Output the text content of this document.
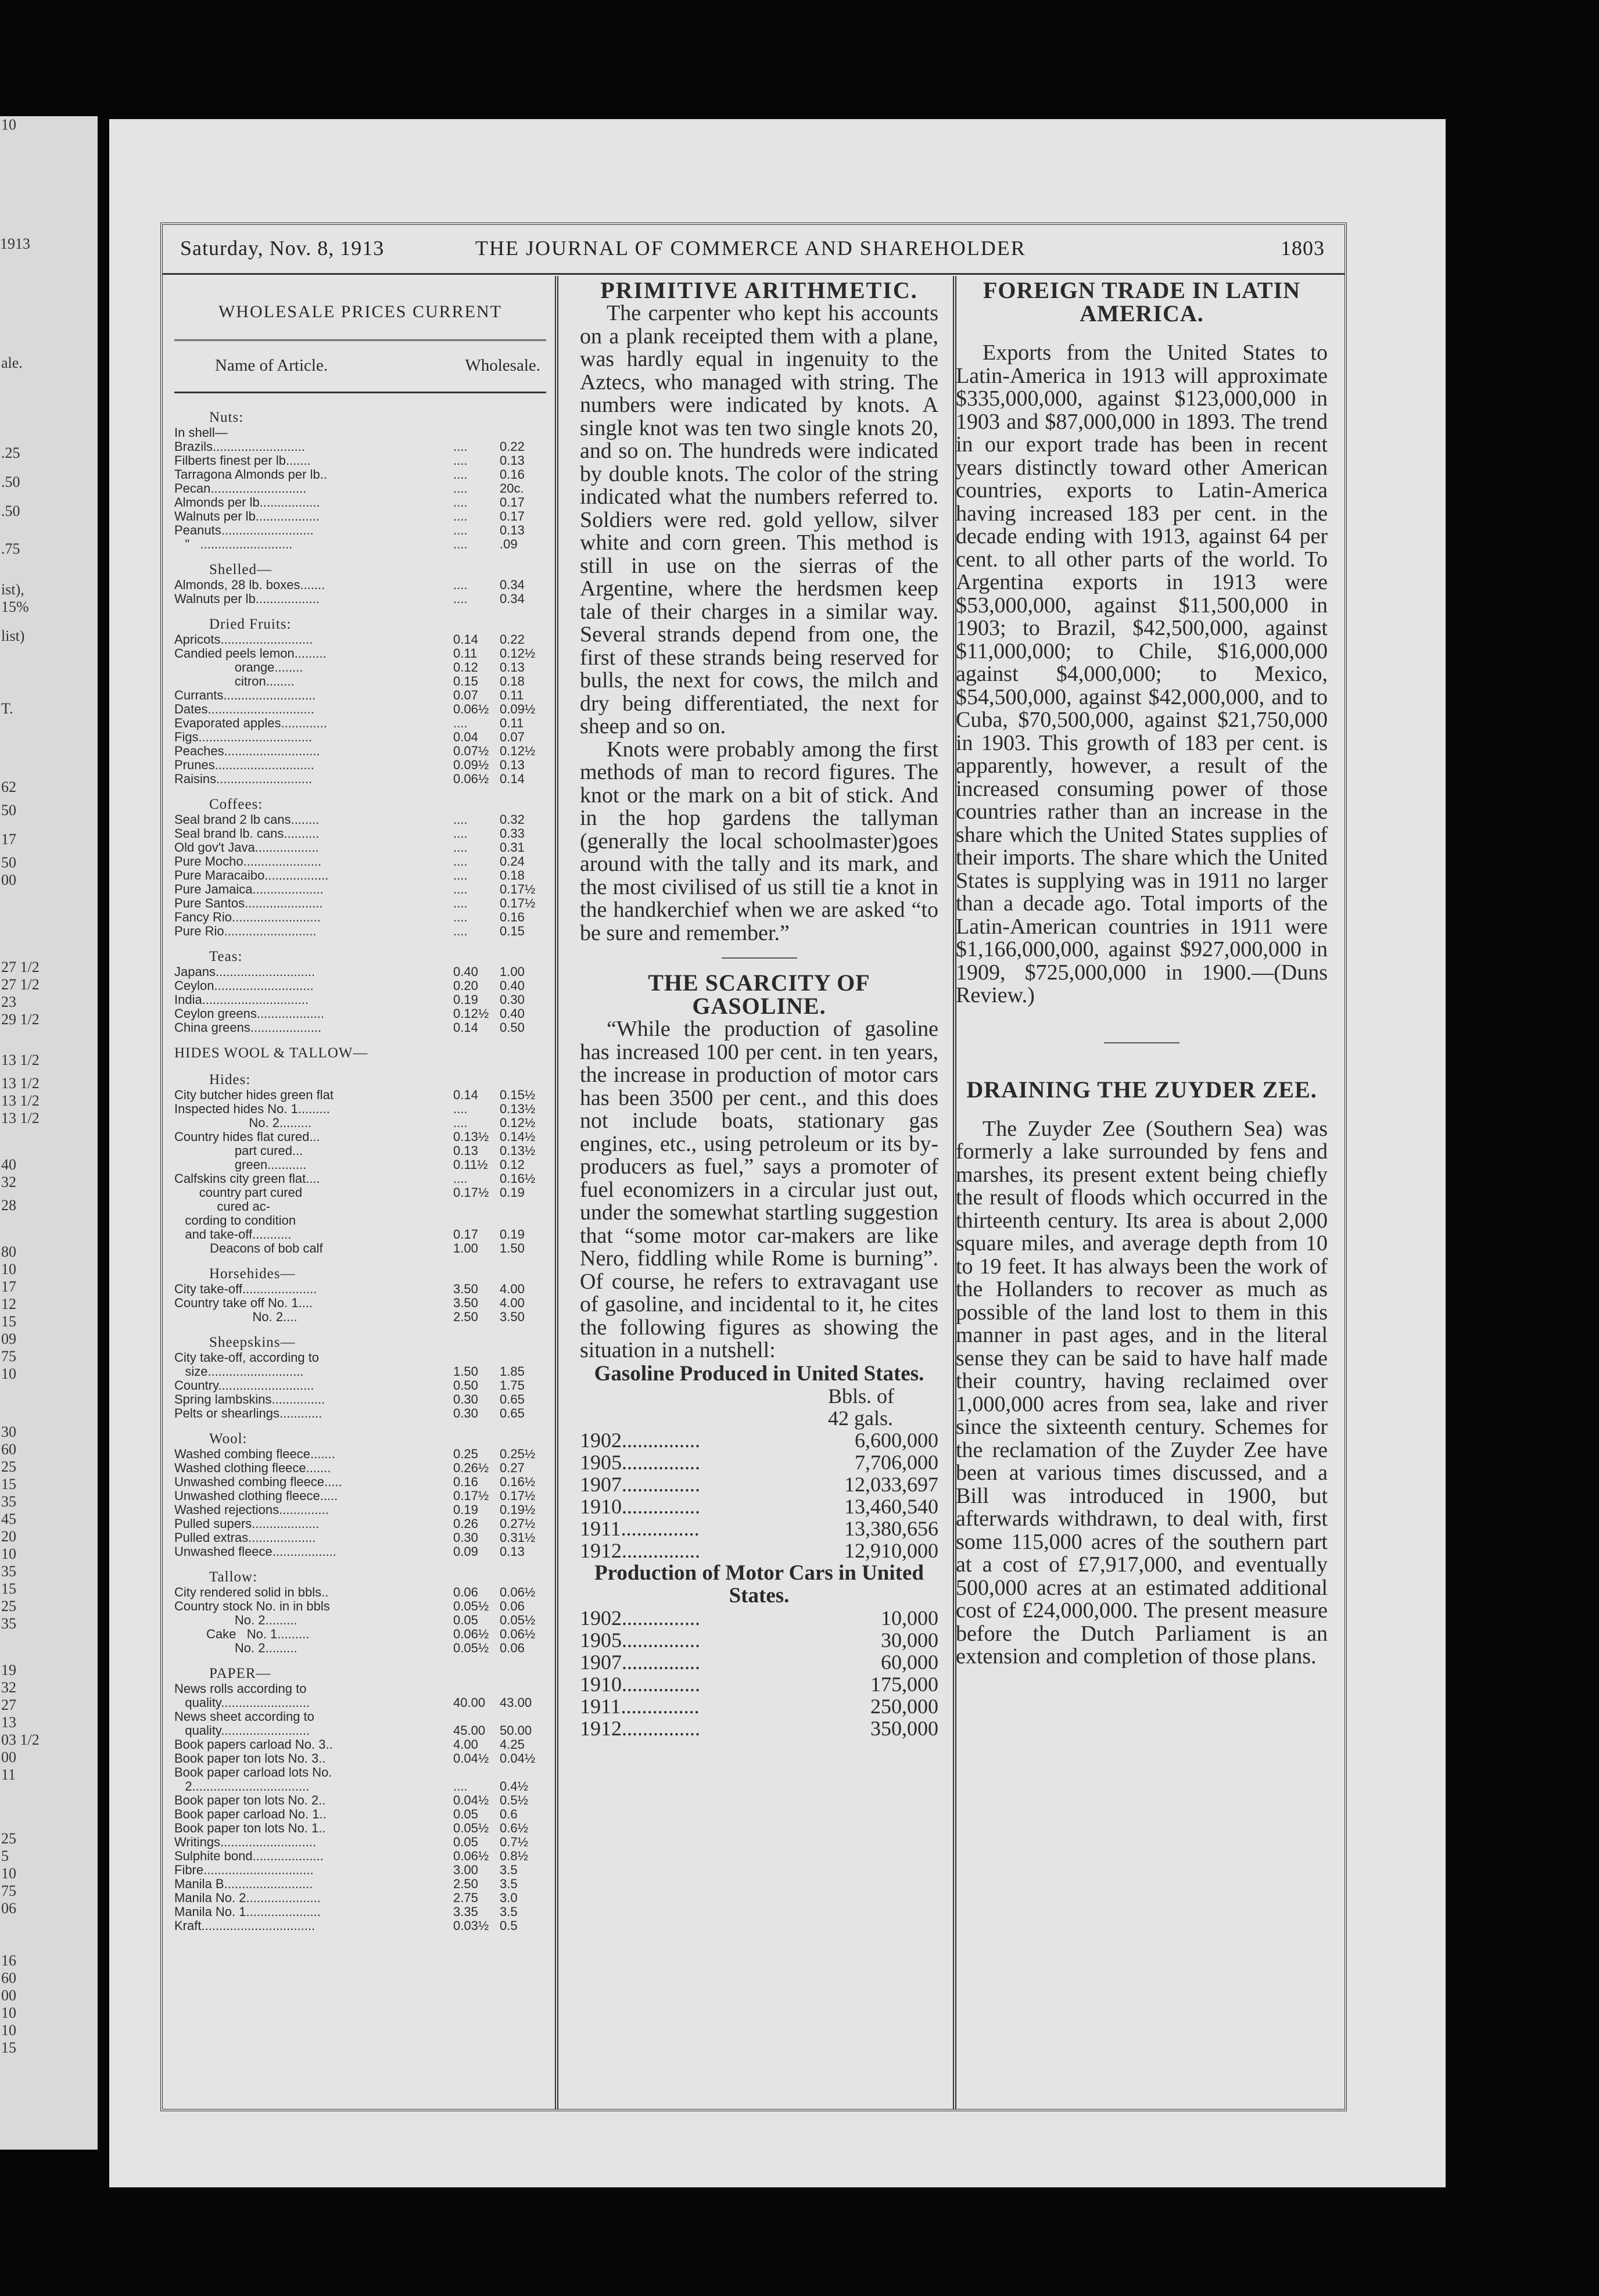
1913
ale.
.25
.50
.50
.75
ist),
15%
list)
T.
62
50
17
50
00
27 1/2
27 1/2
23
29 1/2
13 1/2
13 1/2
13 1/2
13 1/2
40
32
28
80
10
17
12
15
09
75
10
30
60
25
15
35
45
20
10
35
15
25
35
19
32
27
13
03 1/2
00
11
25
5
10
75
06
16
60
00
10
10
15
10
Saturday, Nov. 8, 1913	THE JOURNAL OF COMMERCE AND SHAREHOLDER	1803
WHOLESALE PRICES CURRENT
Name of Article.	Wholesale.
Nuts:
In shell—
Brazils..........................	....	0.22
Filberts finest per lb.......	....	0.13
Tarragona Almonds per lb..	....	0.16
Pecan...........................	....	20c.
Almonds per lb.................	....	0.17
Walnuts per lb..................	....	0.17
Peanuts..........................	....	0.13
"   ..........................	....	.09
Shelled—
Almonds, 28 lb. boxes.......	....	0.34
Walnuts per lb..................	....	0.34
Dried Fruits:
Apricots..........................	0.14	0.22
Candied peels lemon.........	0.11	0.12½
orange........	0.12	0.13
citron........	0.15	0.18
Currants..........................	0.07	0.11
Dates..............................	0.06½ 0.09½
Evaporated apples.............	....	0.11
Figs................................	0.04	0.07
Peaches...........................	0.07½ 0.12½
Prunes............................	0.09½ 0.13
Raisins...........................	0.06½ 0.14
Coffees:
Seal brand 2 lb cans........	....	0.32
Seal brand lb. cans..........	....	0.33
Old gov't Java..................	....	0.31
Pure Mocho......................	....	0.24
Pure Maracaibo..................	....	0.18
Pure Jamaica....................	....	0.17½
Pure Santos......................	....	0.17½
Fancy Rio.........................	....	0.16
Pure Rio..........................	....	0.15
Teas:
Japans............................	0.40	1.00
Ceylon............................	0.20	0.40
India..............................	0.19	0.30
Ceylon greens...................	0.12½ 0.40
China greens....................	0.14	0.50
HIDES WOOL & TALLOW—
Hides:
City butcher hides green flat	0.14	0.15½
Inspected hides No. 1.........	....	0.13½
No. 2.........	....	0.12½
Country hides flat cured...	0.13½ 0.14½
part cured...	0.13	0.13½
green...........	0.11½ 0.12
Calfskins city green flat....	....	0.16½
country part cured	0.17½ 0.19
cured ac-
cording to condition
and take-off...........	0.17	0.19
Deacons of bob calf	1.00	1.50
Horsehides—
City take-off.....................	3.50	4.00
Country take off No. 1....	3.50	4.00
No. 2....	2.50	3.50
Sheepskins—
City take-off, according to
size...........................	1.50	1.85
Country...........................	0.50	1.75
Spring lambskins...............	0.30	0.65
Pelts or shearlings............	0.30	0.65
Wool:
Washed combing fleece.......	0.25	0.25½
Washed clothing fleece.......	0.26½ 0.27
Unwashed combing fleece.....	0.16	0.16½
Unwashed clothing fleece.....	0.17½ 0.17½
Washed rejections..............	0.19	0.19½
Pulled supers...................	0.26	0.27½
Pulled extras...................	0.30	0.31½
Unwashed fleece..................	0.09	0.13
Tallow:
City rendered solid in bbls..	0.06	0.06½
Country stock No. in in bbls	0.05½ 0.06
No. 2.........	0.05	0.05½
Cake   No. 1.........	0.06½ 0.06½
No. 2.........	0.05½ 0.06
PAPER—
News rolls according to
quality.........................	40.00	43.00
News sheet according to
quality.........................	45.00	50.00
Book papers carload No. 3..	4.00	4.25
Book paper ton lots No. 3..	0.04½ 0.04½
Book paper carload lots No.
2.................................	....	0.4½
Book paper ton lots No. 2..	0.04½ 0.5½
Book paper carload No. 1..	0.05	0.6
Book paper ton lots No. 1..	0.05½ 0.6½
Writings...........................	0.05	0.7½
Sulphite bond....................	0.06½ 0.8½
Fibre...............................	3.00	3.5
Manila B.........................	2.50	3.5
Manila No. 2.....................	2.75	3.0
Manila No. 1.....................	3.35	3.5
Kraft................................	0.03½ 0.5
PRIMITIVE ARITHMETIC.

The carpenter who kept his accounts on a plank receipted them with a plane, was hardly equal in ingenuity to the Aztecs, who managed with string. The numbers were indicated by knots. A single knot was ten two single knots 20, and so on. The hundreds were indicated by double knots. The color of the string indicated what the numbers referred to. Soldiers were red. gold yellow, silver white and corn green. This method is still in use on the sierras of the Argentine, where the herdsmen keep tale of their charges in a similar way. Several strands depend from one, the first of these strands being reserved for bulls, the next for cows, the milch and dry being differentiated, the next for sheep and so on.

Knots were probably among the first methods of man to record figures. The knot or the mark on a bit of stick. And in the hop gardens the tallyman (generally the local schoolmaster)goes around with the tally and its mark, and the most civilised of us still tie a knot in the handkerchief when we are asked “to be sure and remember.”

THE SCARCITY OF GASOLINE.

“While the production of gasoline has increased 100 per cent. in ten years, the increase in production of motor cars has been 3500 per cent., and this does not include boats, stationary gas engines, etc., using petroleum or its by-producers as fuel,” says a promoter of fuel economizers in a circular just out, under the somewhat startling suggestion that “some motor car-makers are like Nero, fiddling while Rome is burning”. Of course, he refers to extravagant use of gasoline, and incidental to it, he cites the following figures as showing the situation in a nutshell:

Gasoline Produced in United States.
Bbls. of
42 gals.
1902...............	6,600,000
1905...............	7,706,000
1907...............	12,033,697
1910...............	13,460,540
1911...............	13,380,656
1912...............	12,910,000
Production of Motor Cars in United States.
1902...............	10,000
1905...............	30,000
1907...............	60,000
1910...............	175,000
1911...............	250,000
1912...............	350,000
FOREIGN TRADE IN LATIN AMERICA.

Exports from the United States to Latin-America in 1913 will approximate $335,000,000, against $123,000,000 in 1903 and $87,000,000 in 1893. The trend in our export trade has been in recent years distinctly toward other American countries, exports to Latin-America having increased 183 per cent. in the decade ending with 1913, against 64 per cent. to all other parts of the world. To Argentina exports in 1913 were $53,000,000, against $11,500,000 in 1903; to Brazil, $42,500,000, against $11,000,000; to Chile, $16,000,000 against $4,000,000; to Mexico, $54,500,000, against $42,000,000, and to Cuba, $70,500,000, against $21,750,000 in 1903. This growth of 183 per cent. is apparently, however, a result of the increased consuming power of those countries rather than an increase in the share which the United States supplies of their imports. The share which the United States is supplying was in 1911 no larger than a decade ago. Total imports of the Latin-American countries in 1911 were $1,166,000,000, against $927,000,000 in 1909, $725,000,000 in 1900.—(Duns Review.)

DRAINING THE ZUYDER ZEE.

The Zuyder Zee (Southern Sea) was formerly a lake surrounded by fens and marshes, its present extent being chiefly the result of floods which occurred in the thirteenth century. Its area is about 2,000 square miles, and average depth from 10 to 19 feet. It has always been the work of the Hollanders to recover as much as possible of the land lost to them in this manner in past ages, and in the literal sense they can be said to have half made their country, having reclaimed over 1,000,000 acres from sea, lake and river since the sixteenth century. Schemes for the reclamation of the Zuyder Zee have been at various times discussed, and a Bill was introduced in 1900, but afterwards withdrawn, to deal with, first some 115,000 acres of the southern part at a cost of £7,917,000, and eventually 500,000 acres at an estimated additional cost of £24,000,000. The present measure before the Dutch Parliament is an extension and completion of those plans.
